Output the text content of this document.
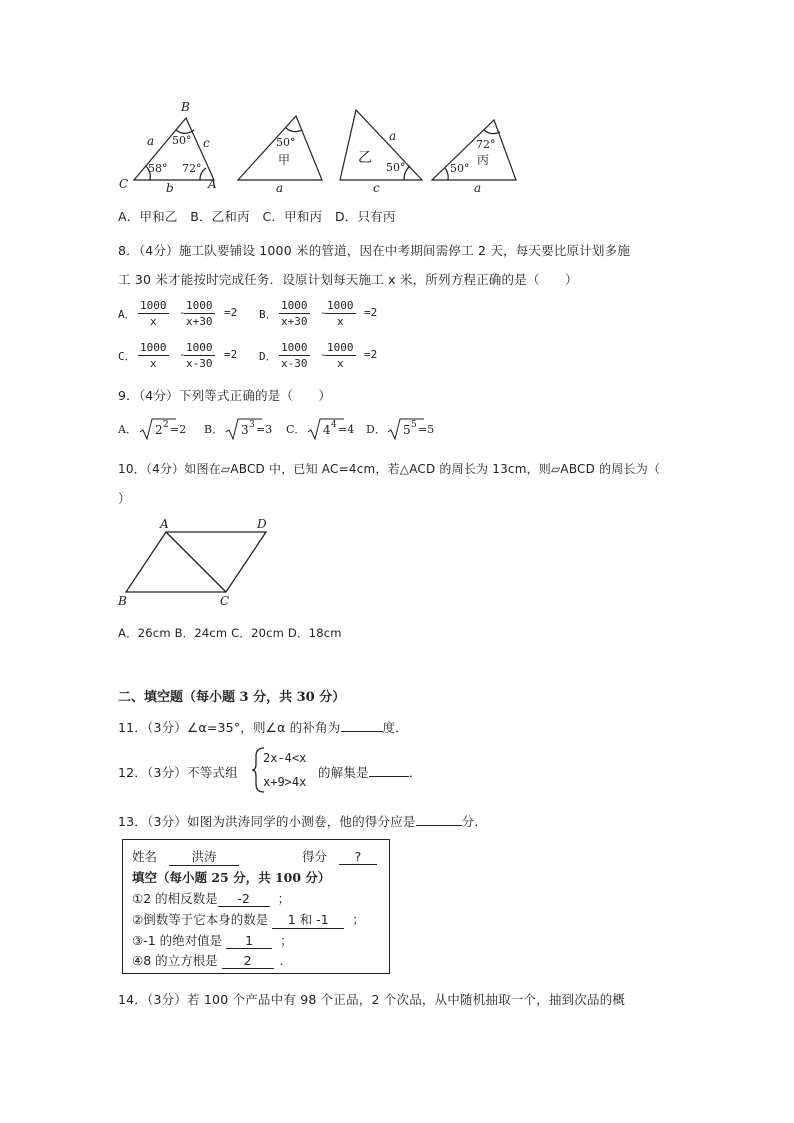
B
C	A
a	c
b	a
a
c	a
50°
58° 72°
50°
甲	乙
50°
72°
丙
50°
A．甲和乙　B．乙和丙　C．甲和丙　D．只有丙
8．（4分）施工队要铺设 1000 米的管道，因在中考期间需停工 2 天，每天要比原计划多施
工 30 米才能按时完成任务．设原计划每天施工 x 米，所列方程正确的是（　　）
A． $\frac{1000}{x}$ -
$\frac{1000}{x+30} =2$ B． $\frac{1000}{x+30}$ -
$\frac{1000}{x} =2$
C． $\frac{1000}{x}$ -
$\frac{1000}{x-30} =2$ D． $\frac{1000}{x-30}$ -
$\frac{1000}{x} =2$
9．（4分）下列等式正确的是（　　）
A． 2 2 =2 B． 3 3 =3 C． 4 4 =4 D． 5 5 =5
10．（4分）如图在▱ABCD 中，已知 AC=4cm，若△ACD 的周长为 13cm，则▱ABCD 的周长为（
）
A	D
B	C
A．26cm B．24cm C．20cm D．18cm
二、填空题（每小题 3 分，共 30 分）
11．（3分）∠α=35°，则∠α 的补角为	度．
12．（3分）不等式组
2x-4<x
x+9>4x
的解集是	．
13．（3分）如图为洪涛同学的小测卷，他的得分应是	分．
姓名	洪涛	得分 ?
填空（每小题 25 分，共 100 分）
①2 的相反数是 -2 ；
②倒数等于它本身的数是 1 和 -1 ；
③-1 的绝对值是 1 ；
④8 的立方根是 2 ．
14．（3分）若 100 个产品中有 98 个正品，2 个次品，从中随机抽取一个，抽到次品的概
